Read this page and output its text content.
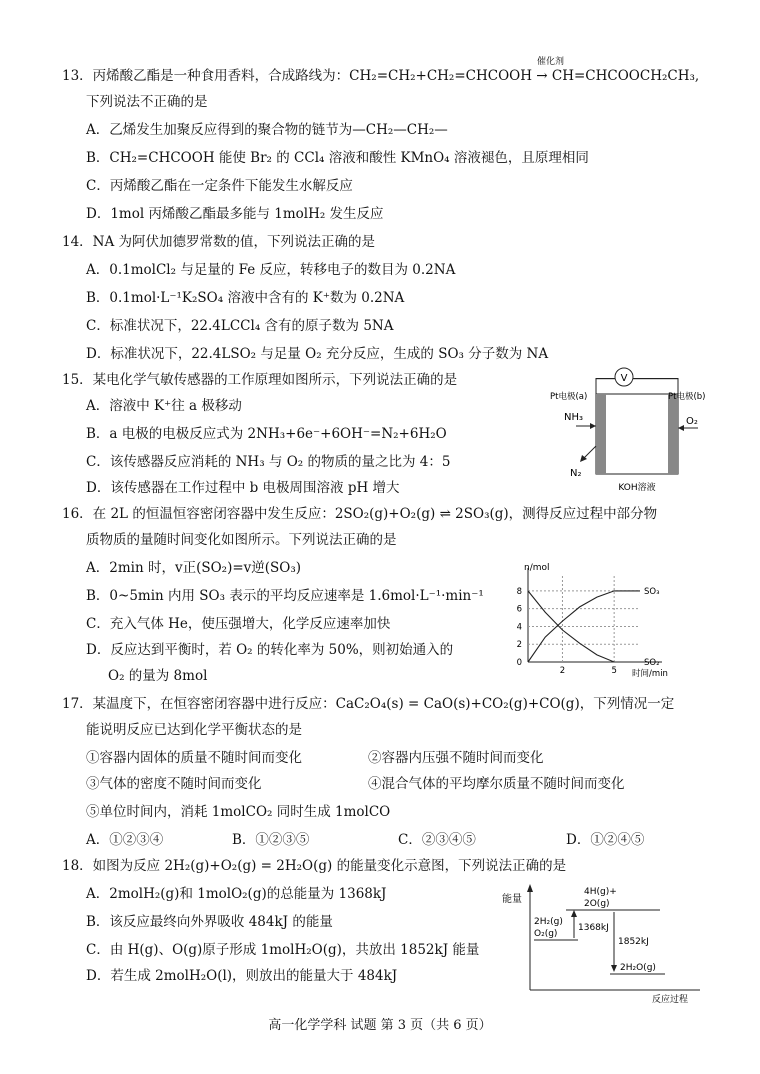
催化剂
13．丙烯酸乙酯是一种食用香料，合成路线为：CH₂=CH₂+CH₂=CHCOOH → CH=CHCOOCH₂CH₃,
下列说法不正确的是
A．乙烯发生加聚反应得到的聚合物的链节为—CH₂—CH₂—
B．CH₂=CHCOOH 能使 Br₂ 的 CCl₄ 溶液和酸性 KMnO₄ 溶液褪色，且原理相同
C．丙烯酸乙酯在一定条件下能发生水解反应
D．1mol 丙烯酸乙酯最多能与 1molH₂ 发生反应
14．NA 为阿伏加德罗常数的值，下列说法正确的是
A．0.1molCl₂ 与足量的 Fe 反应，转移电子的数目为 0.2NA
B．0.1mol·L⁻¹K₂SO₄ 溶液中含有的 K⁺数为 0.2NA
C．标准状况下，22.4LCCl₄ 含有的原子数为 5NA
D．标准状况下，22.4LSO₂ 与足量 O₂ 充分反应，生成的 SO₃ 分子数为 NA
15．某电化学气敏传感器的工作原理如图所示，下列说法正确的是
A．溶液中 K⁺往 a 极移动
B．a 电极的电极反应式为 2NH₃+6e⁻+6OH⁻=N₂+6H₂O
C．该传感器反应消耗的 NH₃ 与 O₂ 的物质的量之比为 4：5
D．该传感器在工作过程中 b 电极周围溶液 pH 增大
V
Pt电极(a)	Pt电极(b)
NH₃	O₂
N₂
KOH溶液
16．在 2L 的恒温恒容密闭容器中发生反应：2SO₂(g)+O₂(g) ⇌ 2SO₃(g)，测得反应过程中部分物
质物质的量随时间变化如图所示。下列说法正确的是
A．2min 时，v正(SO₂)=v逆(SO₃)
B．0~5min 内用 SO₃ 表示的平均反应速率是 1.6mol·L⁻¹·min⁻¹
C．充入气体 He，使压强增大，化学反应速率加快
D．反应达到平衡时，若 O₂ 的转化率为 50%，则初始通入的
O₂ 的量为 8mol
n/mol
时间/min
0
2
4
6
8
2	5
SO₃
SO₂
17．某温度下，在恒容密闭容器中进行反应：CaC₂O₄(s) = CaO(s)+CO₂(g)+CO(g)，下列情况一定
能说明反应已达到化学平衡状态的是
①容器内固体的质量不随时间而变化	②容器内压强不随时间而变化
③气体的密度不随时间而变化	④混合气体的平均摩尔质量不随时间而变化
⑤单位时间内，消耗 1molCO₂ 同时生成 1molCO
A．①②③④	B．①②③⑤	C．②③④⑤	D．①②④⑤
18．如图为反应 2H₂(g)+O₂(g) = 2H₂O(g) 的能量变化示意图，下列说法正确的是
A．2molH₂(g)和 1molO₂(g)的总能量为 1368kJ
B．该反应最终向外界吸收 484kJ 的能量
C．由 H(g)、O(g)原子形成 1molH₂O(g)，共放出 1852kJ 能量
D．若生成 2molH₂O(l)，则放出的能量大于 484kJ
能量
4H(g)+
2O(g)
2H₂(g)
O₂(g)
1368kJ
1852kJ
2H₂O(g)
反应过程
高一化学学科 试题 第 3 页（共 6 页）
